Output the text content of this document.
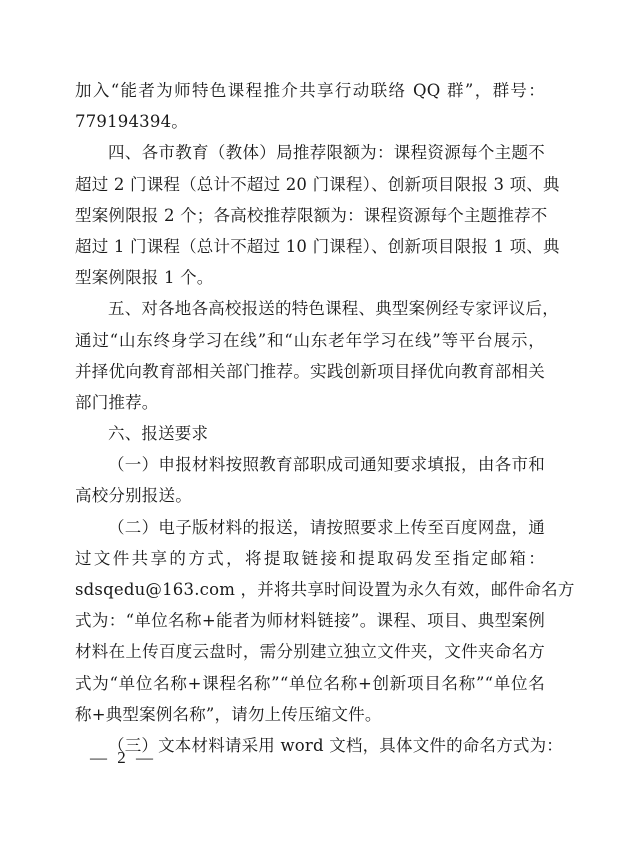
加入“能者为师特色课程推介共享行动联络 QQ 群”，群号：
779194394。
四、各市教育（教体）局推荐限额为：课程资源每个主题不
超过 2 门课程（总计不超过 20 门课程）、创新项目限报 3 项、典
型案例限报 2 个；各高校推荐限额为：课程资源每个主题推荐不
超过 1 门课程（总计不超过 10 门课程）、创新项目限报 1 项、典
型案例限报 1 个。
五、对各地各高校报送的特色课程、典型案例经专家评议后，
通过“山东终身学习在线”和“山东老年学习在线”等平台展示，
并择优向教育部相关部门推荐。实践创新项目择优向教育部相关
部门推荐。
六、报送要求
（一）申报材料按照教育部职成司通知要求填报，由各市和
高校分别报送。
（二）电子版材料的报送，请按照要求上传至百度网盘，通
过文件共享的方式，将提取链接和提取码发至指定邮箱：
sdsqedu@163.com ，并将共享时间设置为永久有效，邮件命名方
式为：“单位名称+能者为师材料链接”。课程、项目、典型案例
材料在上传百度云盘时，需分别建立独立文件夹，文件夹命名方
式为“单位名称+课程名称”“单位名称+创新项目名称”“单位名
称+典型案例名称”，请勿上传压缩文件。
（三）文本材料请采用 word 文档，具体文件的命名方式为：
— 2 —
